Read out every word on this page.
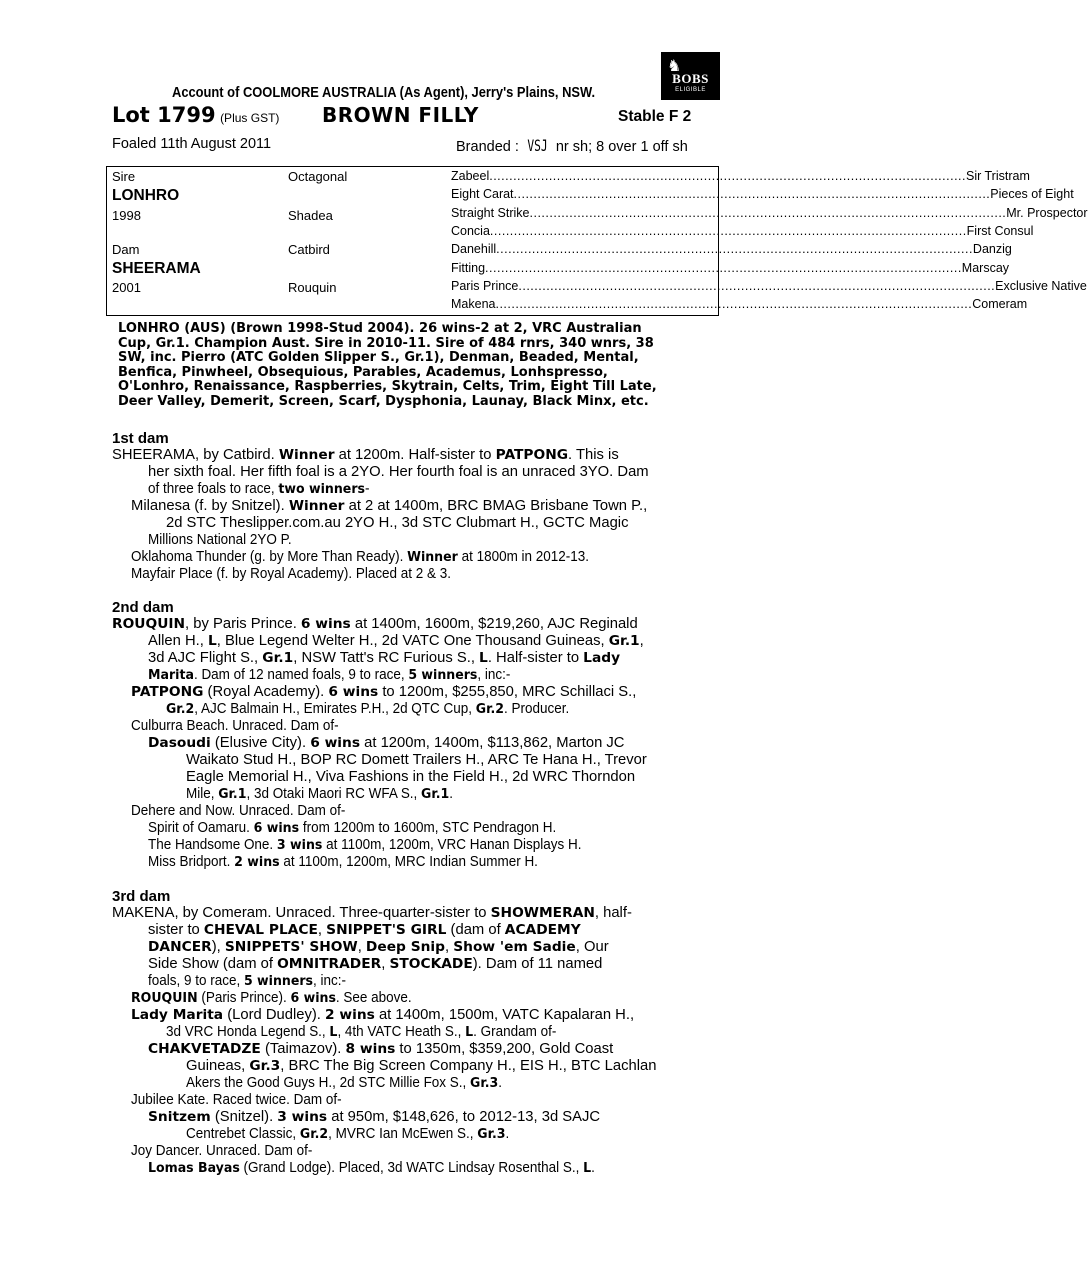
Account of COOLMORE AUSTRALIA (As Agent), Jerry's Plains, NSW.
♞
BOBS
ELIGIBLE
Lot 1799 (Plus GST) BROWN FILLY	Stable F 2
Foaled 11th August 2011	Branded : VSJ nr sh; 8 over 1 off sh
Sire
LONHRO
1998
Octagonal
Shadea
Dam
SHEERAMA
2001
Catbird
Rouquin
Zabeel ........................................................................................................................ Sir Tristram
Eight Carat ........................................................................................................................ Pieces of Eight
Straight Strike ........................................................................................................................ Mr. Prospector
Concia ........................................................................................................................ First Consul
Danehill ........................................................................................................................ Danzig
Fitting ........................................................................................................................ Marscay
Paris Prince ........................................................................................................................ Exclusive Native
Makena ........................................................................................................................ Comeram
LONHRO (AUS) (Brown 1998-Stud 2004). 26 wins-2 at 2, VRC Australian
Cup, Gr.1. Champion Aust. Sire in 2010-11. Sire of 484 rnrs, 340 wnrs, 38
SW, inc. Pierro (ATC Golden Slipper S., Gr.1), Denman, Beaded, Mental,
Benfica, Pinwheel, Obsequious, Parables, Academus, Lonhspresso,
O'Lonhro, Renaissance, Raspberries, Skytrain, Celts, Trim, Eight Till Late,
Deer Valley, Demerit, Screen, Scarf, Dysphonia, Launay, Black Minx, etc.
1st dam
2nd dam
3rd dam
SHEERAMA, by Catbird. Winner at 1200m. Half-sister to PATPONG. This is
her sixth foal. Her fifth foal is a 2YO. Her fourth foal is an unraced 3YO. Dam
of three foals to race, two winners-
Milanesa (f. by Snitzel). Winner at 2 at 1400m, BRC BMAG Brisbane Town P.,
2d STC Theslipper.com.au 2YO H., 3d STC Clubmart H., GCTC Magic
Millions National 2YO P.
Oklahoma Thunder (g. by More Than Ready). Winner at 1800m in 2012-13.
Mayfair Place (f. by Royal Academy). Placed at 2 & 3.
ROUQUIN, by Paris Prince. 6 wins at 1400m, 1600m, $219,260, AJC Reginald
Allen H., L, Blue Legend Welter H., 2d VATC One Thousand Guineas, Gr.1,
3d AJC Flight S., Gr.1, NSW Tatt's RC Furious S., L. Half-sister to Lady
Marita. Dam of 12 named foals, 9 to race, 5 winners, inc:-
PATPONG (Royal Academy). 6 wins to 1200m, $255,850, MRC Schillaci S.,
Gr.2, AJC Balmain H., Emirates P.H., 2d QTC Cup, Gr.2. Producer.
Culburra Beach. Unraced. Dam of-
Dasoudi (Elusive City). 6 wins at 1200m, 1400m, $113,862, Marton JC
Waikato Stud H., BOP RC Domett Trailers H., ARC Te Hana H., Trevor
Eagle Memorial H., Viva Fashions in the Field H., 2d WRC Thorndon
Mile, Gr.1, 3d Otaki Maori RC WFA S., Gr.1.
Dehere and Now. Unraced. Dam of-
Spirit of Oamaru. 6 wins from 1200m to 1600m, STC Pendragon H.
The Handsome One. 3 wins at 1100m, 1200m, VRC Hanan Displays H.
Miss Bridport. 2 wins at 1100m, 1200m, MRC Indian Summer H.
MAKENA, by Comeram. Unraced. Three-quarter-sister to SHOWMERAN, half-
sister to CHEVAL PLACE, SNIPPET'S GIRL (dam of ACADEMY
DANCER), SNIPPETS' SHOW, Deep Snip, Show 'em Sadie, Our
Side Show (dam of OMNITRADER, STOCKADE). Dam of 11 named
foals, 9 to race, 5 winners, inc:-
ROUQUIN (Paris Prince). 6 wins. See above.
Lady Marita (Lord Dudley). 2 wins at 1400m, 1500m, VATC Kapalaran H.,
3d VRC Honda Legend S., L, 4th VATC Heath S., L. Grandam of-
CHAKVETADZE (Taimazov). 8 wins to 1350m, $359,200, Gold Coast
Guineas, Gr.3, BRC The Big Screen Company H., EIS H., BTC Lachlan
Akers the Good Guys H., 2d STC Millie Fox S., Gr.3.
Jubilee Kate. Raced twice. Dam of-
Snitzem (Snitzel). 3 wins at 950m, $148,626, to 2012-13, 3d SAJC
Centrebet Classic, Gr.2, MVRC Ian McEwen S., Gr.3.
Joy Dancer. Unraced. Dam of-
Lomas Bayas (Grand Lodge). Placed, 3d WATC Lindsay Rosenthal S., L.
